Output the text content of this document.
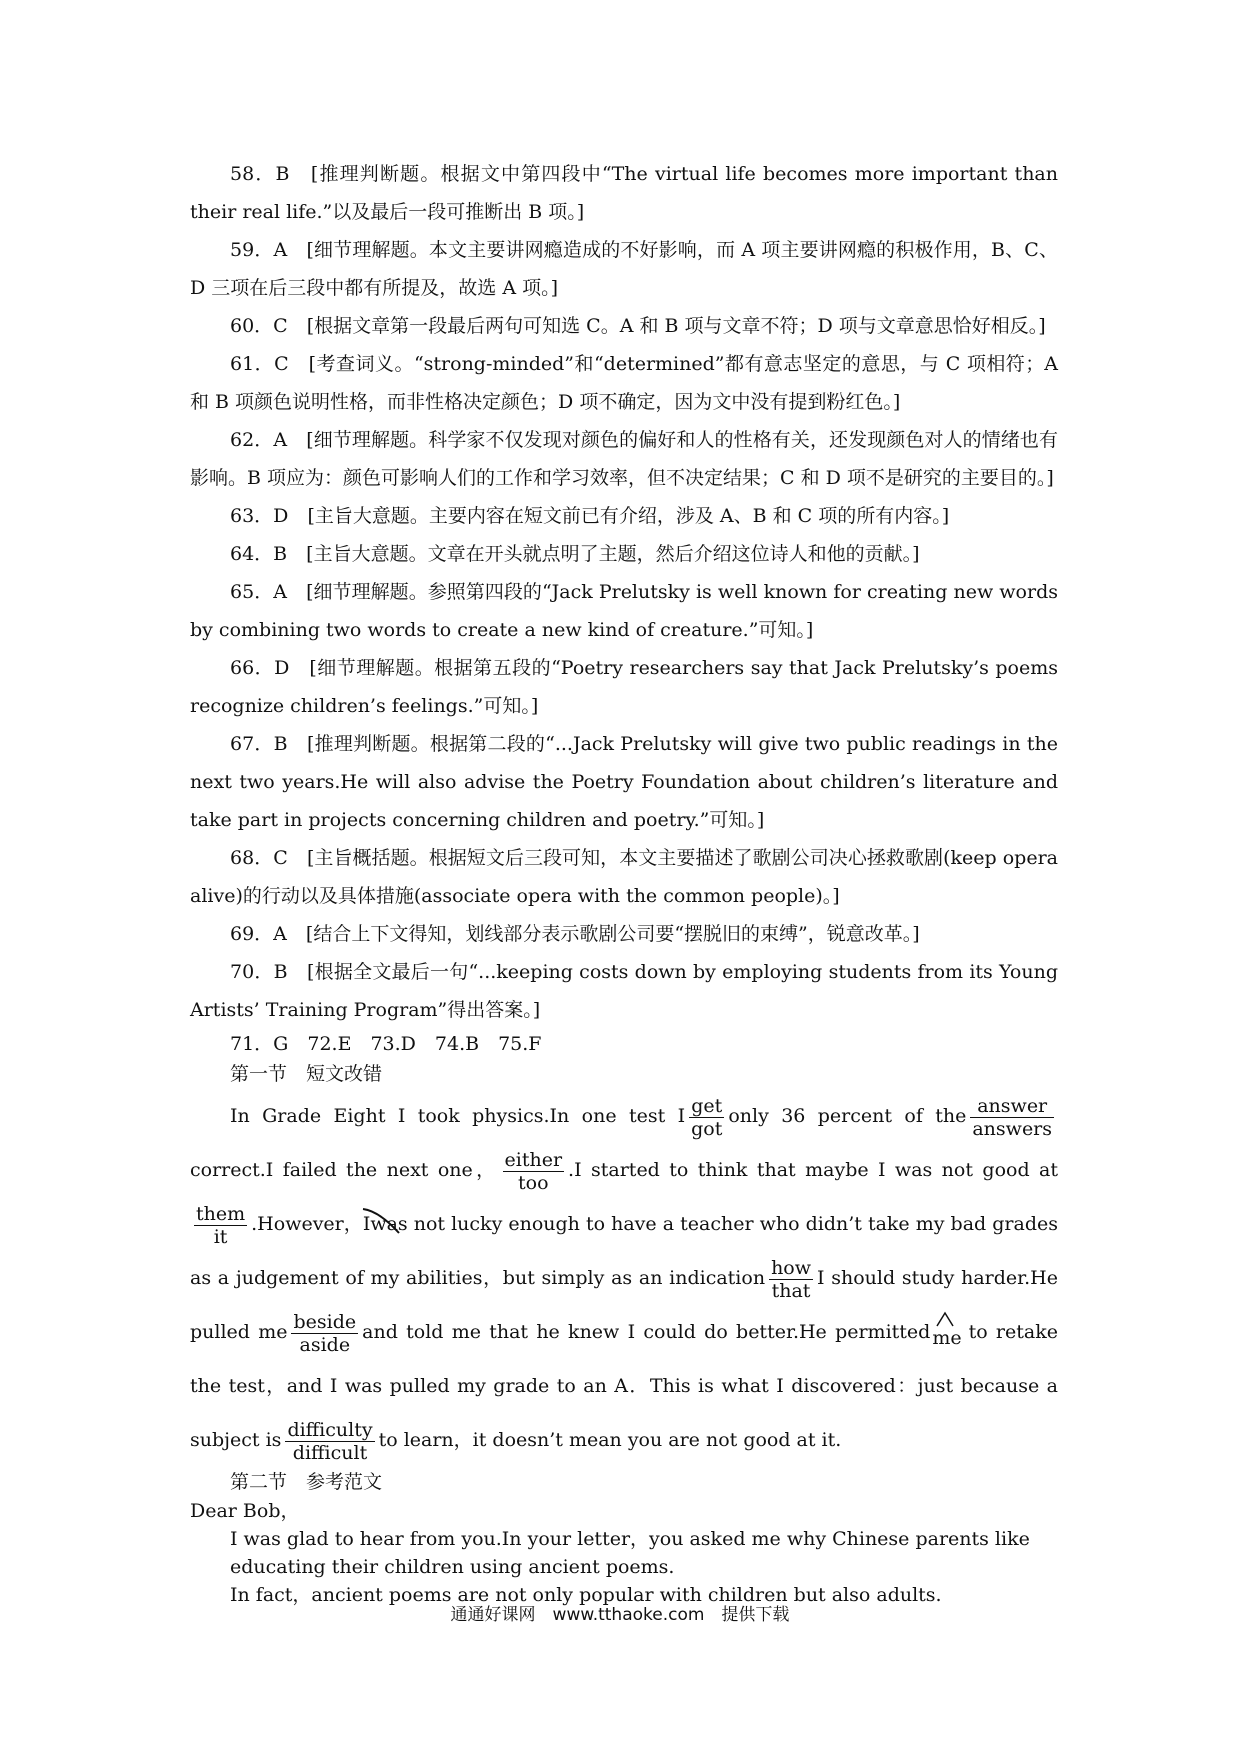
58．B　 [推理判断题。根据文中第四段中“The virtual life becomes more important than their real life.”以及最后一段可推断出 B 项。]

59．A　 [细节理解题。本文主要讲网瘾造成的不好影响，而 A 项主要讲网瘾的积极作用，B、C、D 三项在后三段中都有所提及，故选 A 项。]

60．C　 [根据文章第一段最后两句可知选 C。A 和 B 项与文章不符；D 项与文章意思恰好相反。]

61．C　 [考查词义。“strong-minded”和“determined”都有意志坚定的意思，与 C 项相符；A 和 B 项颜色说明性格，而非性格决定颜色；D 项不确定，因为文中没有提到粉红色。]

62．A　 [细节理解题。科学家不仅发现对颜色的偏好和人的性格有关，还发现颜色对人的情绪也有影响。B 项应为：颜色可影响人们的工作和学习效率，但不决定结果；C 和 D 项不是研究的主要目的。]

63．D　 [主旨大意题。主要内容在短文前已有介绍，涉及 A、B 和 C 项的所有内容。]

64．B　 [主旨大意题。文章在开头就点明了主题，然后介绍这位诗人和他的贡献。]

65．A　 [细节理解题。参照第四段的“Jack Prelutsky is well known for creating new words by combining two words to create a new kind of creature.”可知。]

66．D　 [细节理解题。根据第五段的“Poetry researchers say that Jack Prelutsky’s poems recognize children’s feelings.”可知。]

67．B　 [推理判断题。根据第二段的“...Jack Prelutsky will give two public readings in the next two years.He will also advise the Poetry Foundation about children’s literature and take part in projects concerning children and poetry.”可知。]

68．C　 [主旨概括题。根据短文后三段可知，本文主要描述了歌剧公司决心拯救歌剧(keep opera alive)的行动以及具体措施(associate opera with the common people)。]

69．A　 [结合上下文得知，划线部分表示歌剧公司要“摆脱旧的束缚”，锐意改革。]

70．B　 [根据全文最后一句“...keeping costs down by employing students from its Young Artists’ Training Program”得出答案。]

71．G　72.E　73.D　74.B　75.F
第一节　短文改错

In Grade Eight I took physics.In one test I $\frac{\text{get}}{\text{got}}$ only 36 percent of the $\frac{\text{answer}}{\text{answers}}$
correct.I failed the next one， $\frac{\text{either}}{\text{too}} .I$ started to think that maybe I was not good at
$\frac{\text{them}}{it}$ .However，I
was not lucky enough to have a teacher who didn’t take my bad grades as a judgement of my abilities，but simply as an indication $\frac{\text{how}}{\text{that}}$ I should study harder.He pulled me $\frac{\text{beside}}{\text{aside}}$ and told me that he knew I could do better.He permitted me to retake the test，and I was pulled my grade to an A．This is what I discovered：just because a subject is $\frac{\text{difficulty}}{\text{difficult}}$ to learn，it doesn’t mean you are not good at it.

第二节　参考范文

Dear Bob，

I was glad to hear from you.In your letter，you asked me why Chinese parents like educating their children using ancient poems.

In fact，ancient poems are not only popular with children but also adults.

通通好课网　www.tthaoke.com　提供下载
